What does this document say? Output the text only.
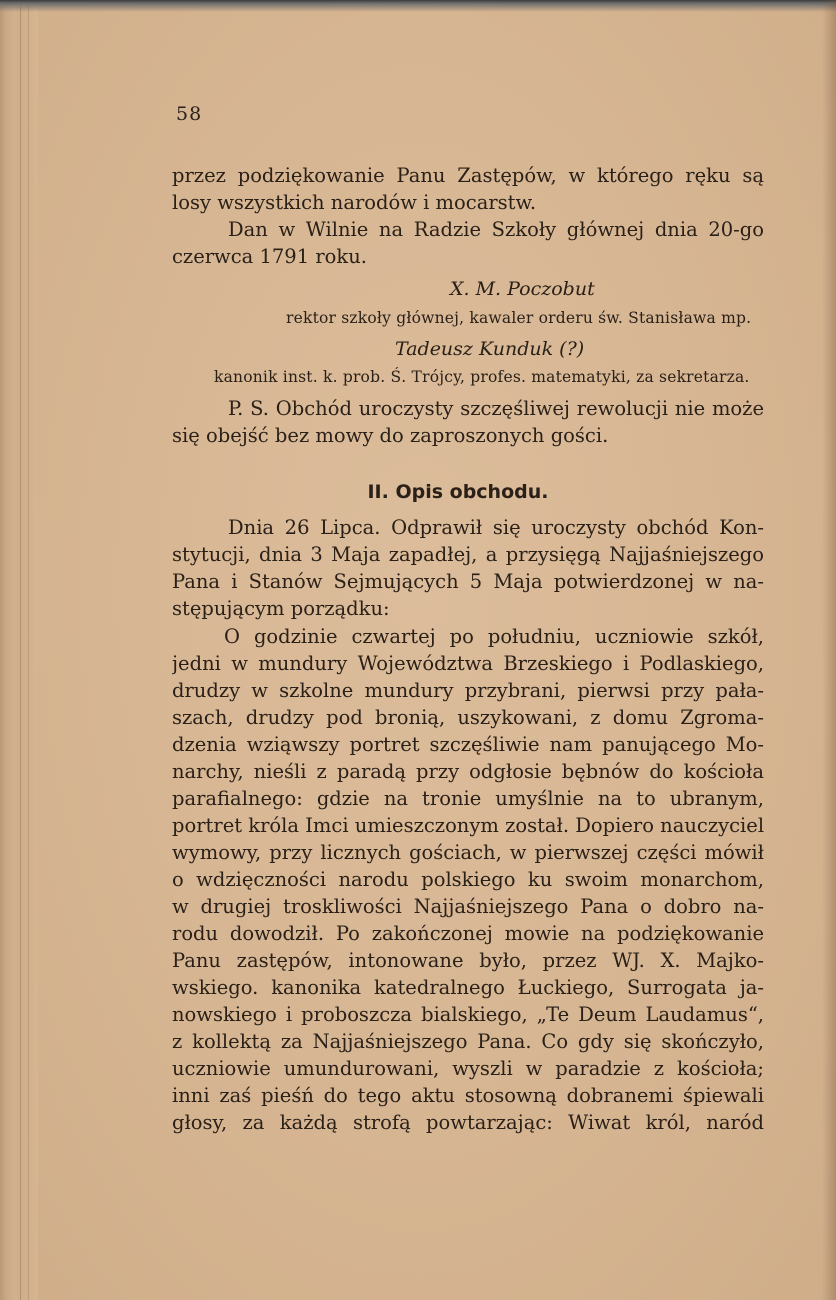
58
przez podziękowanie Panu Zastępów, w którego ręku są
losy wszystkich narodów i mocarstw.
Dan w Wilnie na Radzie Szkoły głównej dnia 20-go
czerwca 1791 roku.
X. M. Poczobut
rektor szkoły głównej, kawaler orderu św. Stanisława mp.
Tadeusz Kunduk (?)
kanonik inst. k. prob. Ś. Trójcy, profes. matematyki, za sekretarza.
P. S. Obchód uroczysty szczęśliwej rewolucji nie może
się obejść bez mowy do zaproszonych gości.
II. Opis obchodu.
Dnia 26 Lipca. Odprawił się uroczysty obchód Kon-
stytucji, dnia 3 Maja zapadłej, a przysięgą Najjaśniejszego
Pana i Stanów Sejmujących 5 Maja potwierdzonej w na-
stępującym porządku:
O godzinie czwartej po południu, uczniowie szkół,
jedni w mundury Województwa Brzeskiego i Podlaskiego,
drudzy w szkolne mundury przybrani, pierwsi przy pała-
szach, drudzy pod bronią, uszykowani, z domu Zgroma-
dzenia wziąwszy portret szczęśliwie nam panującego Mo-
narchy, nieśli z paradą przy odgłosie bębnów do kościoła
parafialnego: gdzie na tronie umyślnie na to ubranym,
portret króla Imci umieszczonym został. Dopiero nauczyciel
wymowy, przy licznych gościach, w pierwszej części mówił
o wdzięczności narodu polskiego ku swoim monarchom,
w drugiej troskliwości Najjaśniejszego Pana o dobro na-
rodu dowodził. Po zakończonej mowie na podziękowanie
Panu zastępów, intonowane było, przez WJ. X. Majko-
wskiego. kanonika katedralnego Łuckiego, Surrogata ja-
nowskiego i proboszcza bialskiego, „Te Deum Laudamus“,
z kollektą za Najjaśniejszego Pana. Co gdy się skończyło,
uczniowie umundurowani, wyszli w paradzie z kościoła;
inni zaś pieśń do tego aktu stosowną dobranemi śpiewali
głosy, za każdą strofą powtarzając: Wiwat król, naród
